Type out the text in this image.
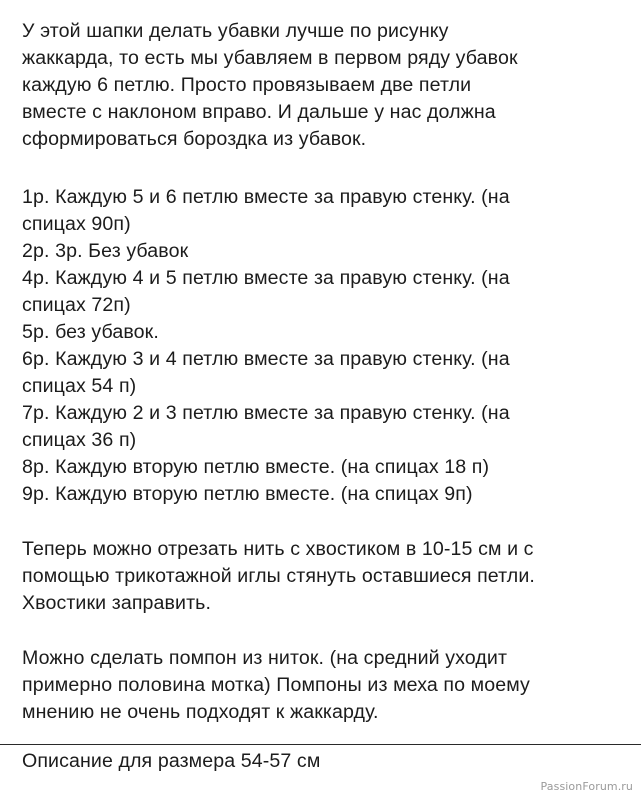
У этой шапки делать убавки лучше по рисунку
жаккарда, то есть мы убавляем в первом ряду убавок
каждую 6 петлю. Просто провязываем две петли
вместе с наклоном вправо. И дальше у нас должна
сформироваться бороздка из убавок.
1р. Каждую 5 и 6 петлю вместе за правую стенку. (на
спицах 90п)
2р. 3р. Без убавок
4р. Каждую 4 и 5 петлю вместе за правую стенку. (на
спицах 72п)
5р. без убавок.
6р. Каждую 3 и 4 петлю вместе за правую стенку. (на
спицах 54 п)
7р. Каждую 2 и 3 петлю вместе за правую стенку. (на
спицах 36 п)
8р. Каждую вторую петлю вместе. (на спицах 18 п)
9р. Каждую вторую петлю вместе. (на спицах 9п)
Теперь можно отрезать нить с хвостиком в 10-15 см и с
помощью трикотажной иглы стянуть оставшиеся петли.
Хвостики заправить.
Можно сделать помпон из ниток. (на средний уходит
примерно половина мотка) Помпоны из меха по моему
мнению не очень подходят к жаккарду.
Описание для размера 54-57 см
PassionForum.ru
